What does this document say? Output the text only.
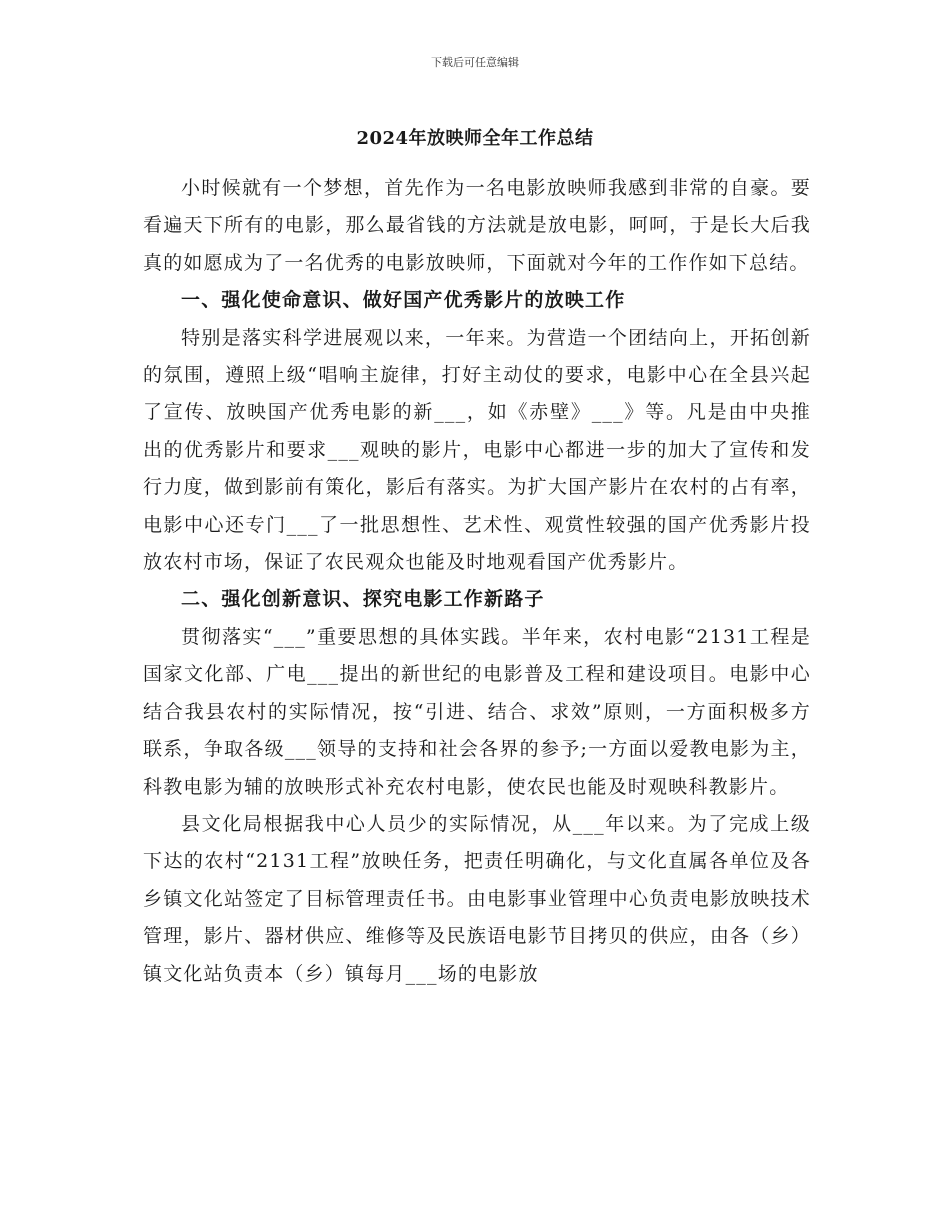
下载后可任意编辑
2024年放映师全年工作总结

小时候就有一个梦想，首先作为一名电影放映师我感到非常的自豪。要看遍天下所有的电影，那么最省钱的方法就是放电影，呵呵，于是长大后我真的如愿成为了一名优秀的电影放映师，下面就对今年的工作作如下总结。

一、强化使命意识、做好国产优秀影片的放映工作

特别是落实科学进展观以来，一年来。为营造一个团结向上，开拓创新的氛围，遵照上级“唱响主旋律，打好主动仗的要求，电影中心在全县兴起了宣传、放映国产优秀电影的新___，如《赤壁》___》等。凡是由中央推出的优秀影片和要求___观映的影片，电影中心都进一步的加大了宣传和发行力度，做到影前有策化，影后有落实。为扩大国产影片在农村的占有率，电影中心还专门___了一批思想性、艺术性、观赏性较强的国产优秀影片投放农村市场，保证了农民观众也能及时地观看国产优秀影片。

二、强化创新意识、探究电影工作新路子

贯彻落实“___”重要思想的具体实践。半年来，农村电影“2131工程是国家文化部、广电___提出的新世纪的电影普及工程和建设项目。电影中心结合我县农村的实际情况，按“引进、结合、求效”原则，一方面积极多方联系，争取各级___领导的支持和社会各界的参予;一方面以爱教电影为主，科教电影为辅的放映形式补充农村电影，使农民也能及时观映科教影片。

县文化局根据我中心人员少的实际情况，从___年以来。为了完成上级下达的农村“2131工程”放映任务，把责任明确化，与文化直属各单位及各乡镇文化站签定了目标管理责任书。由电影事业管理中心负责电影放映技术管理，影片、器材供应、维修等及民族语电影节目拷贝的供应，由各（乡）镇文化站负责本（乡）镇每月___场的电影放
